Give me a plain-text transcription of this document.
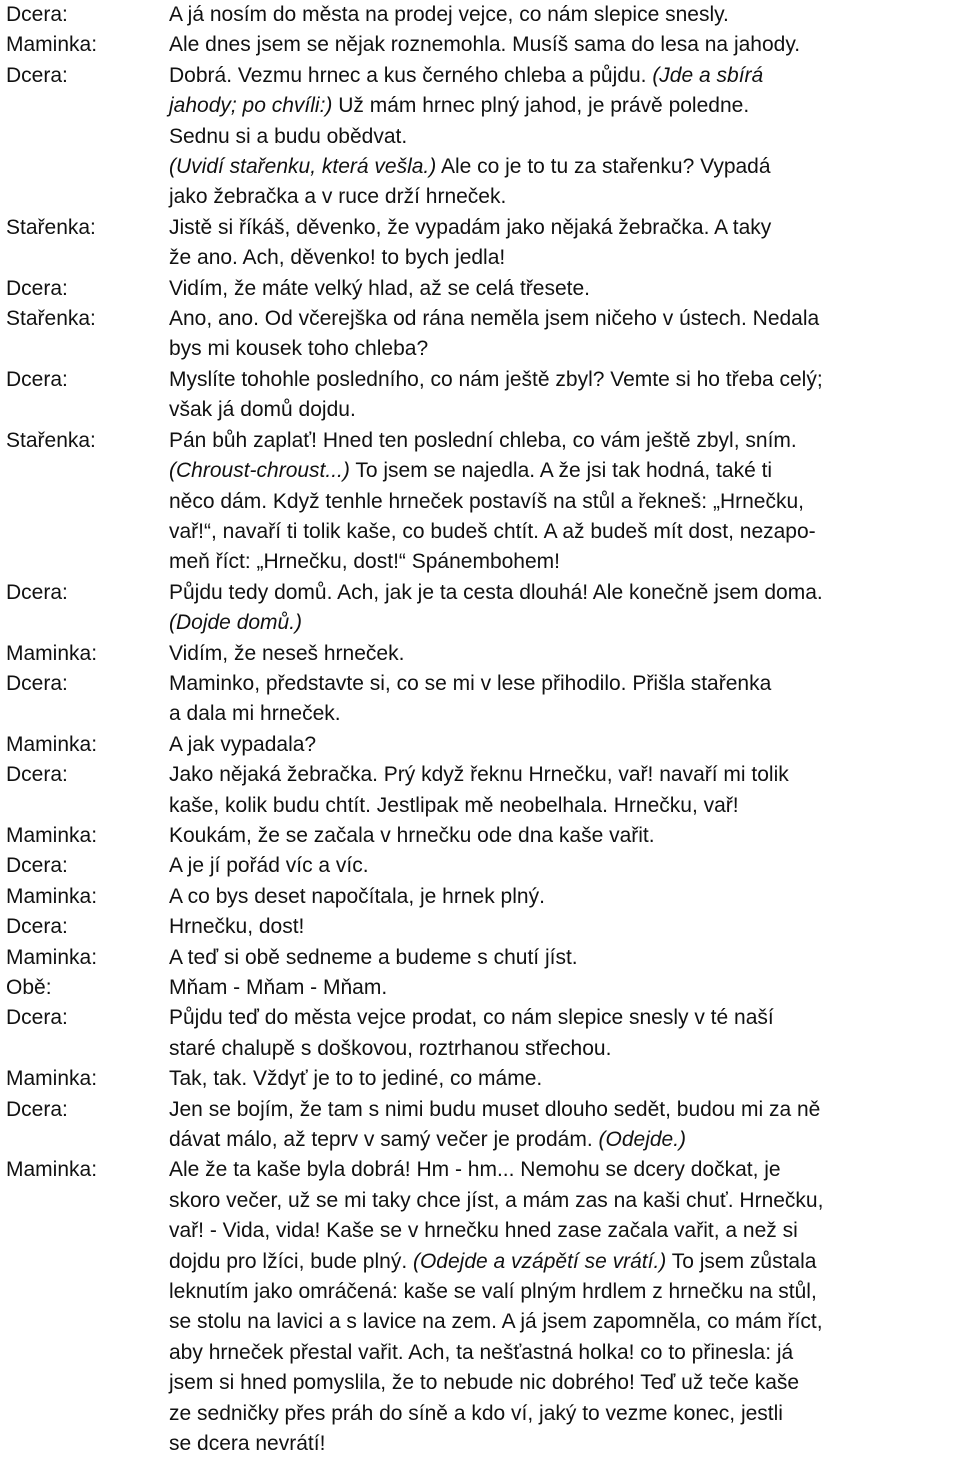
Dcera:	A já nosím do města na prodej vejce, co nám slepice snesly.
Maminka:	Ale dnes jsem se nějak roznemohla. Musíš sama do lesa na jahody.
Dcera:	Dobrá. Vezmu hrnec a kus černého chleba a půjdu. (Jde a sbírá
jahody; po chvíli:) Už mám hrnec plný jahod, je právě poledne.
Sednu si a budu obědvat.
(Uvidí stařenku, která vešla.) Ale co je to tu za stařenku? Vypadá
jako žebračka a v ruce drží hrneček.
Stařenka:	Jistě si říkáš, děvenko, že vypadám jako nějaká žebračka. A taky
že ano. Ach, děvenko! to bych jedla!
Dcera:	Vidím, že máte velký hlad, až se celá třesete.
Stařenka:	Ano, ano. Od včerejška od rána neměla jsem ničeho v ústech. Nedala
bys mi kousek toho chleba?
Dcera:	Myslíte tohohle posledního, co nám ještě zbyl? Vemte si ho třeba celý;
však já domů dojdu.
Stařenka:	Pán bůh zaplať! Hned ten poslední chleba, co vám ještě zbyl, sním.
(Chroust-chroust...) To jsem se najedla. A že jsi tak hodná, také ti
něco dám. Když tenhle hrneček postavíš na stůl a řekneš: „Hrnečku,
vař!“, navaří ti tolik kaše, co budeš chtít. A až budeš mít dost, nezapo-
meň říct: „Hrnečku, dost!“ Spánembohem!
Dcera:	Půjdu tedy domů. Ach, jak je ta cesta dlouhá! Ale konečně jsem doma.
(Dojde domů.)
Maminka:	Vidím, že neseš hrneček.
Dcera:	Maminko, představte si, co se mi v lese přihodilo. Přišla stařenka
a dala mi hrneček.
Maminka:	A jak vypadala?
Dcera:	Jako nějaká žebračka. Prý když řeknu Hrnečku, vař! navaří mi tolik
kaše, kolik budu chtít. Jestlipak mě neobelhala. Hrnečku, vař!
Maminka:	Koukám, že se začala v hrnečku ode dna kaše vařit.
Dcera:	A je jí pořád víc a víc.
Maminka:	A co bys deset napočítala, je hrnek plný.
Dcera:	Hrnečku, dost!
Maminka:	A teď si obě sedneme a budeme s chutí jíst.
Obě:	Mňam - Mňam - Mňam.
Dcera:	Půjdu teď do města vejce prodat, co nám slepice snesly v té naší
staré chalupě s doškovou, roztrhanou střechou.
Maminka:	Tak, tak. Vždyť je to to jediné, co máme.
Dcera:	Jen se bojím, že tam s nimi budu muset dlouho sedět, budou mi za ně
dávat málo, až teprv v samý večer je prodám. (Odejde.)
Maminka:	Ale že ta kaše byla dobrá! Hm - hm... Nemohu se dcery dočkat, je
skoro večer, už se mi taky chce jíst, a mám zas na kaši chuť. Hrnečku,
vař! - Vida, vida! Kaše se v hrnečku hned zase začala vařit, a než si
dojdu pro lžíci, bude plný. (Odejde a vzápětí se vrátí.) To jsem zůstala
leknutím jako omráčená: kaše se valí plným hrdlem z hrnečku na stůl,
se stolu na lavici a s lavice na zem. A já jsem zapomněla, co mám říct,
aby hrneček přestal vařit. Ach, ta nešťastná holka! co to přinesla: já
jsem si hned pomyslila, že to nebude nic dobrého! Teď už teče kaše
ze sedničky přes práh do síně a kdo ví, jaký to vezme konec, jestli
se dcera nevrátí!
